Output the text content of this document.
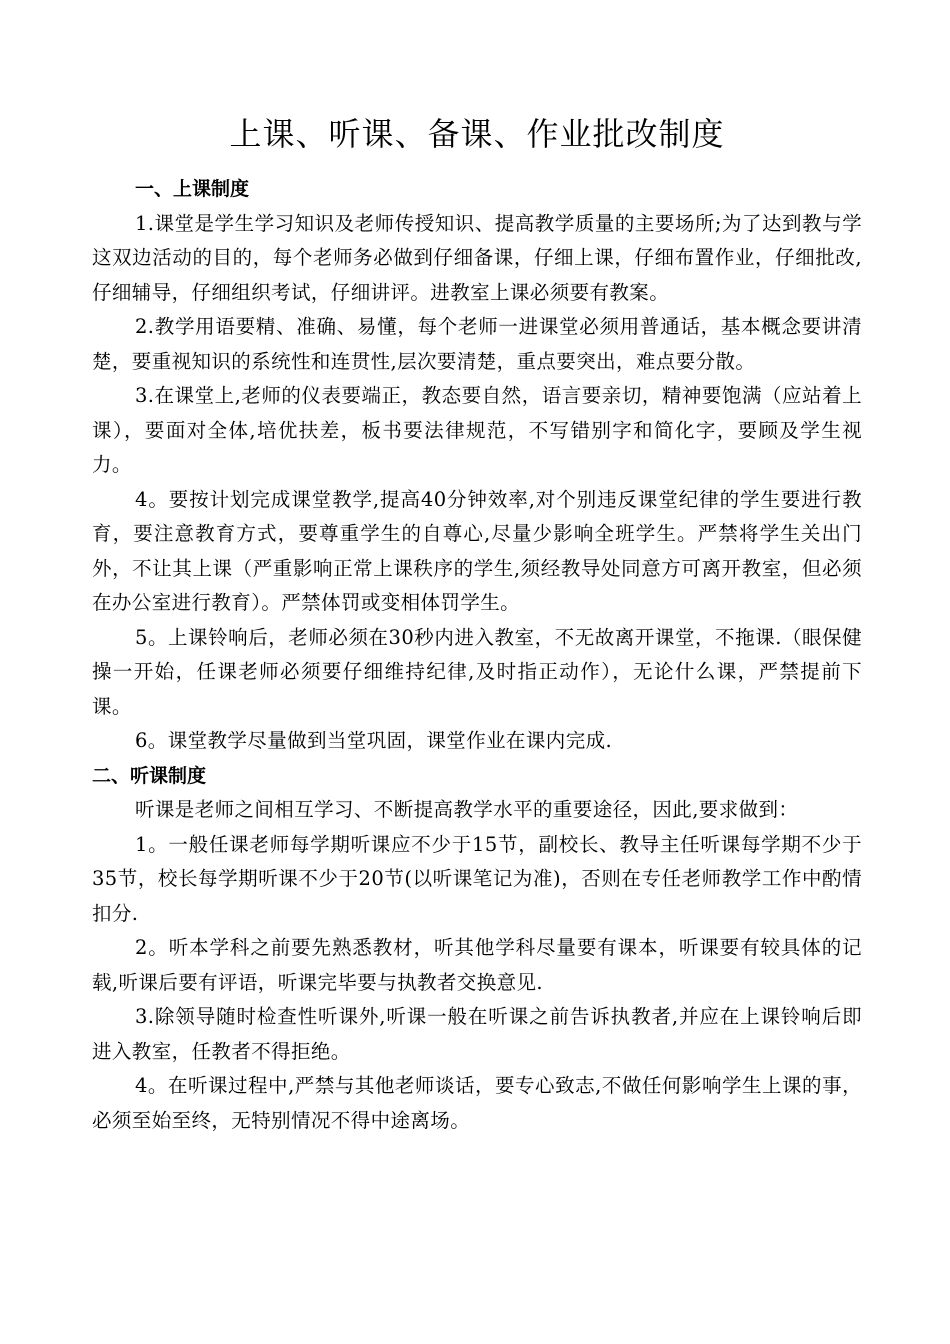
上课、听课、备课、作业批改制度

一、上课制度

1.课堂是学生学习知识及老师传授知识、提高教学质量的主要场所;为了达到教与学这双边活动的目的，每个老师务必做到仔细备课，仔细上课，仔细布置作业，仔细批改,仔细辅导，仔细组织考试，仔细讲评。进教室上课必须要有教案。

2.教学用语要精、准确、易懂，每个老师一进课堂必须用普通话，基本概念要讲清楚，要重视知识的系统性和连贯性,层次要清楚，重点要突出，难点要分散。

3.在课堂上,老师的仪表要端正，教态要自然，语言要亲切，精神要饱满（应站着上课），要面对全体,培优扶差，板书要法律规范，不写错别字和简化字，要顾及学生视力。

4。要按计划完成课堂教学,提高40分钟效率,对个别违反课堂纪律的学生要进行教育，要注意教育方式，要尊重学生的自尊心,尽量少影响全班学生。严禁将学生关出门外，不让其上课（严重影响正常上课秩序的学生,须经教导处同意方可离开教室，但必须在办公室进行教育）。严禁体罚或变相体罚学生。

5。上课铃响后，老师必须在30秒内进入教室，不无故离开课堂，不拖课.（眼保健操一开始，任课老师必须要仔细维持纪律,及时指正动作），无论什么课，严禁提前下课。

6。课堂教学尽量做到当堂巩固，课堂作业在课内完成.

二、听课制度

听课是老师之间相互学习、不断提高教学水平的重要途径，因此,要求做到：

1。一般任课老师每学期听课应不少于15节，副校长、教导主任听课每学期不少于35节，校长每学期听课不少于20节(以听课笔记为准)，否则在专任老师教学工作中酌情扣分.

2。听本学科之前要先熟悉教材，听其他学科尽量要有课本，听课要有较具体的记载,听课后要有评语，听课完毕要与执教者交换意见.

3.除领导随时检查性听课外,听课一般在听课之前告诉执教者,并应在上课铃响后即进入教室，任教者不得拒绝。

4。在听课过程中,严禁与其他老师谈话，要专心致志,不做任何影响学生上课的事，必须至始至终，无特别情况不得中途离场。
